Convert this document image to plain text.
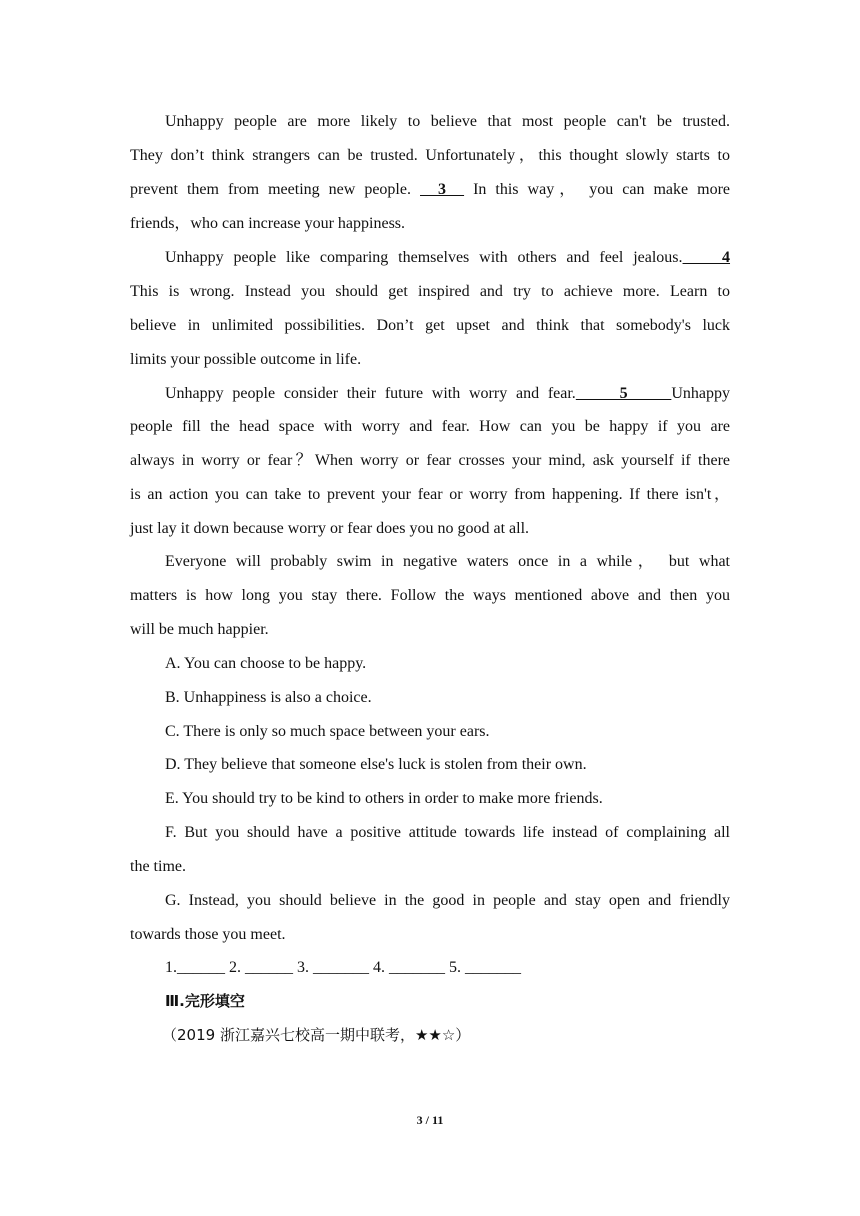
Unhappy people are more likely to believe that most people can't be trusted.
They don’t think strangers can be trusted. Unfortunately，this thought slowly starts to
prevent them from meeting new people.   3   In this way， you can make more
friends，who can increase your happiness.
Unhappy people like comparing themselves with others and feel jealous.    4
This is wrong. Instead you should get inspired and try to achieve more. Learn to
believe in unlimited possibilities. Don’t get upset and think that somebody's luck
limits your possible outcome in life.
Unhappy people consider their future with worry and fear.     5     Unhappy
people fill the head space with worry and fear. How can you be happy if you are
always in worry or fear？When worry or fear crosses your mind, ask yourself if there
is an action you can take to prevent your fear or worry from happening. If there isn't，
just lay it down because worry or fear does you no good at all.
Everyone will probably swim in negative waters once in a while， but what
matters is how long you stay there. Follow the ways mentioned above and then you
will be much happier.
A. You can choose to be happy.
B. Unhappiness is also a choice.
C. There is only so much space between your ears.
D. They believe that someone else's luck is stolen from their own.
E. You should try to be kind to others in order to make more friends.
F. But you should have a positive attitude towards life instead of complaining all
the time.
G. Instead, you should believe in the good in people and stay open and friendly
towards those you meet.
1.______ 2. ______ 3. _______ 4. _______ 5. _______
Ⅲ.完形填空
（2019 浙江嘉兴七校高一期中联考，★★☆）
3 / 11
